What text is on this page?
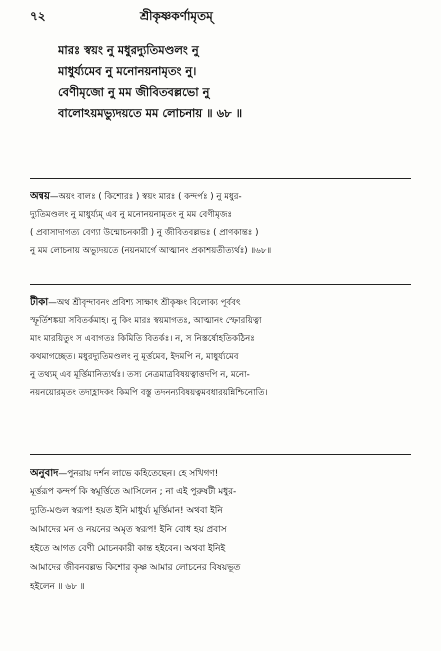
৭২	শ্রীকৃষ্ণকর্ণামৃতম্
মারঃ স্বয়ং নু মধুরদ্যুতিমণ্ডলং নু
মাধুর্য্যমেব নু মনোনয়নামৃতং নু।
বেণীমৃজো নু মম জীবিতবল্লভো নু
বালোঽয়মভ্যুদয়তে মম লোচনায় ॥ ৬৮ ॥
অন্বয়—অয়ং বালঃ ( কিশোরঃ ) স্বয়ং মারঃ ( কন্দর্পঃ ) নু মধুর-
দ্যুতিমণ্ডলং নু মাধুর্য্যম্ এব নু মনোনয়নামৃতং নু মম বেণীমৃজঃ
( প্রবাসাদাগত্য বেণ্যা উন্মোচনকারী ) নু জীবিতবল্লভঃ ( প্রাণকান্তঃ )
নু মম লোচনায় অভ্যুদয়তে (নয়নমার্গে আত্মানং প্রকাশয়তীত্যর্থঃ) ॥৬৮॥
টীকা—অথ শ্রীবৃন্দাবনং প্রবিশ্য সাক্ষাৎ শ্রীকৃষ্ণং বিলোক্য পূর্ববৎ
স্ফূর্তিশঙ্কয়া সবিতর্কমাহ। নু কিং মারঃ স্বয়মাগতঃ, আত্মানং স্ফোরয়িত্বা
মাং মারয়িতুং স এবাগতঃ কিমিতি বিতর্কঃ। ন, স নিস্তর্ষোহতিকঠিনঃ
কথমাগচ্ছেত। মধুরদ্যুতিমণ্ডলং নু মূর্ত্তমেব, ইদমপি ন, মাধুর্য্যমেব
নু তথ্যম্ এব মূর্ত্তিমানিত্যর্থঃ। তস্য নেত্রমাত্রবিষয়ত্বাত্তদপি ন, মনো-
নয়নয়োরমৃতং তদাহ্লাদকং কিমপি বস্তু তদনন্যবিষয়ত্বমবধারয়ন্নিশ্চিনোতি।
অনুবাদ—পুনরায় দর্শন লাভে কহিতেছেন। হে সখিগণ!
মূর্ত্তরূপ কন্দর্প কি স্বমূর্ত্তিতে আসিলেন ; না এই পুরুষটী মধুর-
দ্যুতি-মণ্ডল স্বরূপ! হয়ত ইনি মাধুর্য্য মূর্ত্তিমান! অথবা ইনি
আমাদের মন ও নয়নের অমৃত স্বরূপ! ইনি বোধ হয় প্রবাস
হইতে আগত বেণী মোচনকারী কান্ত হইবেন। অথবা ইনিই
আমাদের জীবনবল্লভ কিশোর কৃষ্ণ আমার লোচনের বিষয়ভূত
হইলেন ॥ ৬৮ ॥
